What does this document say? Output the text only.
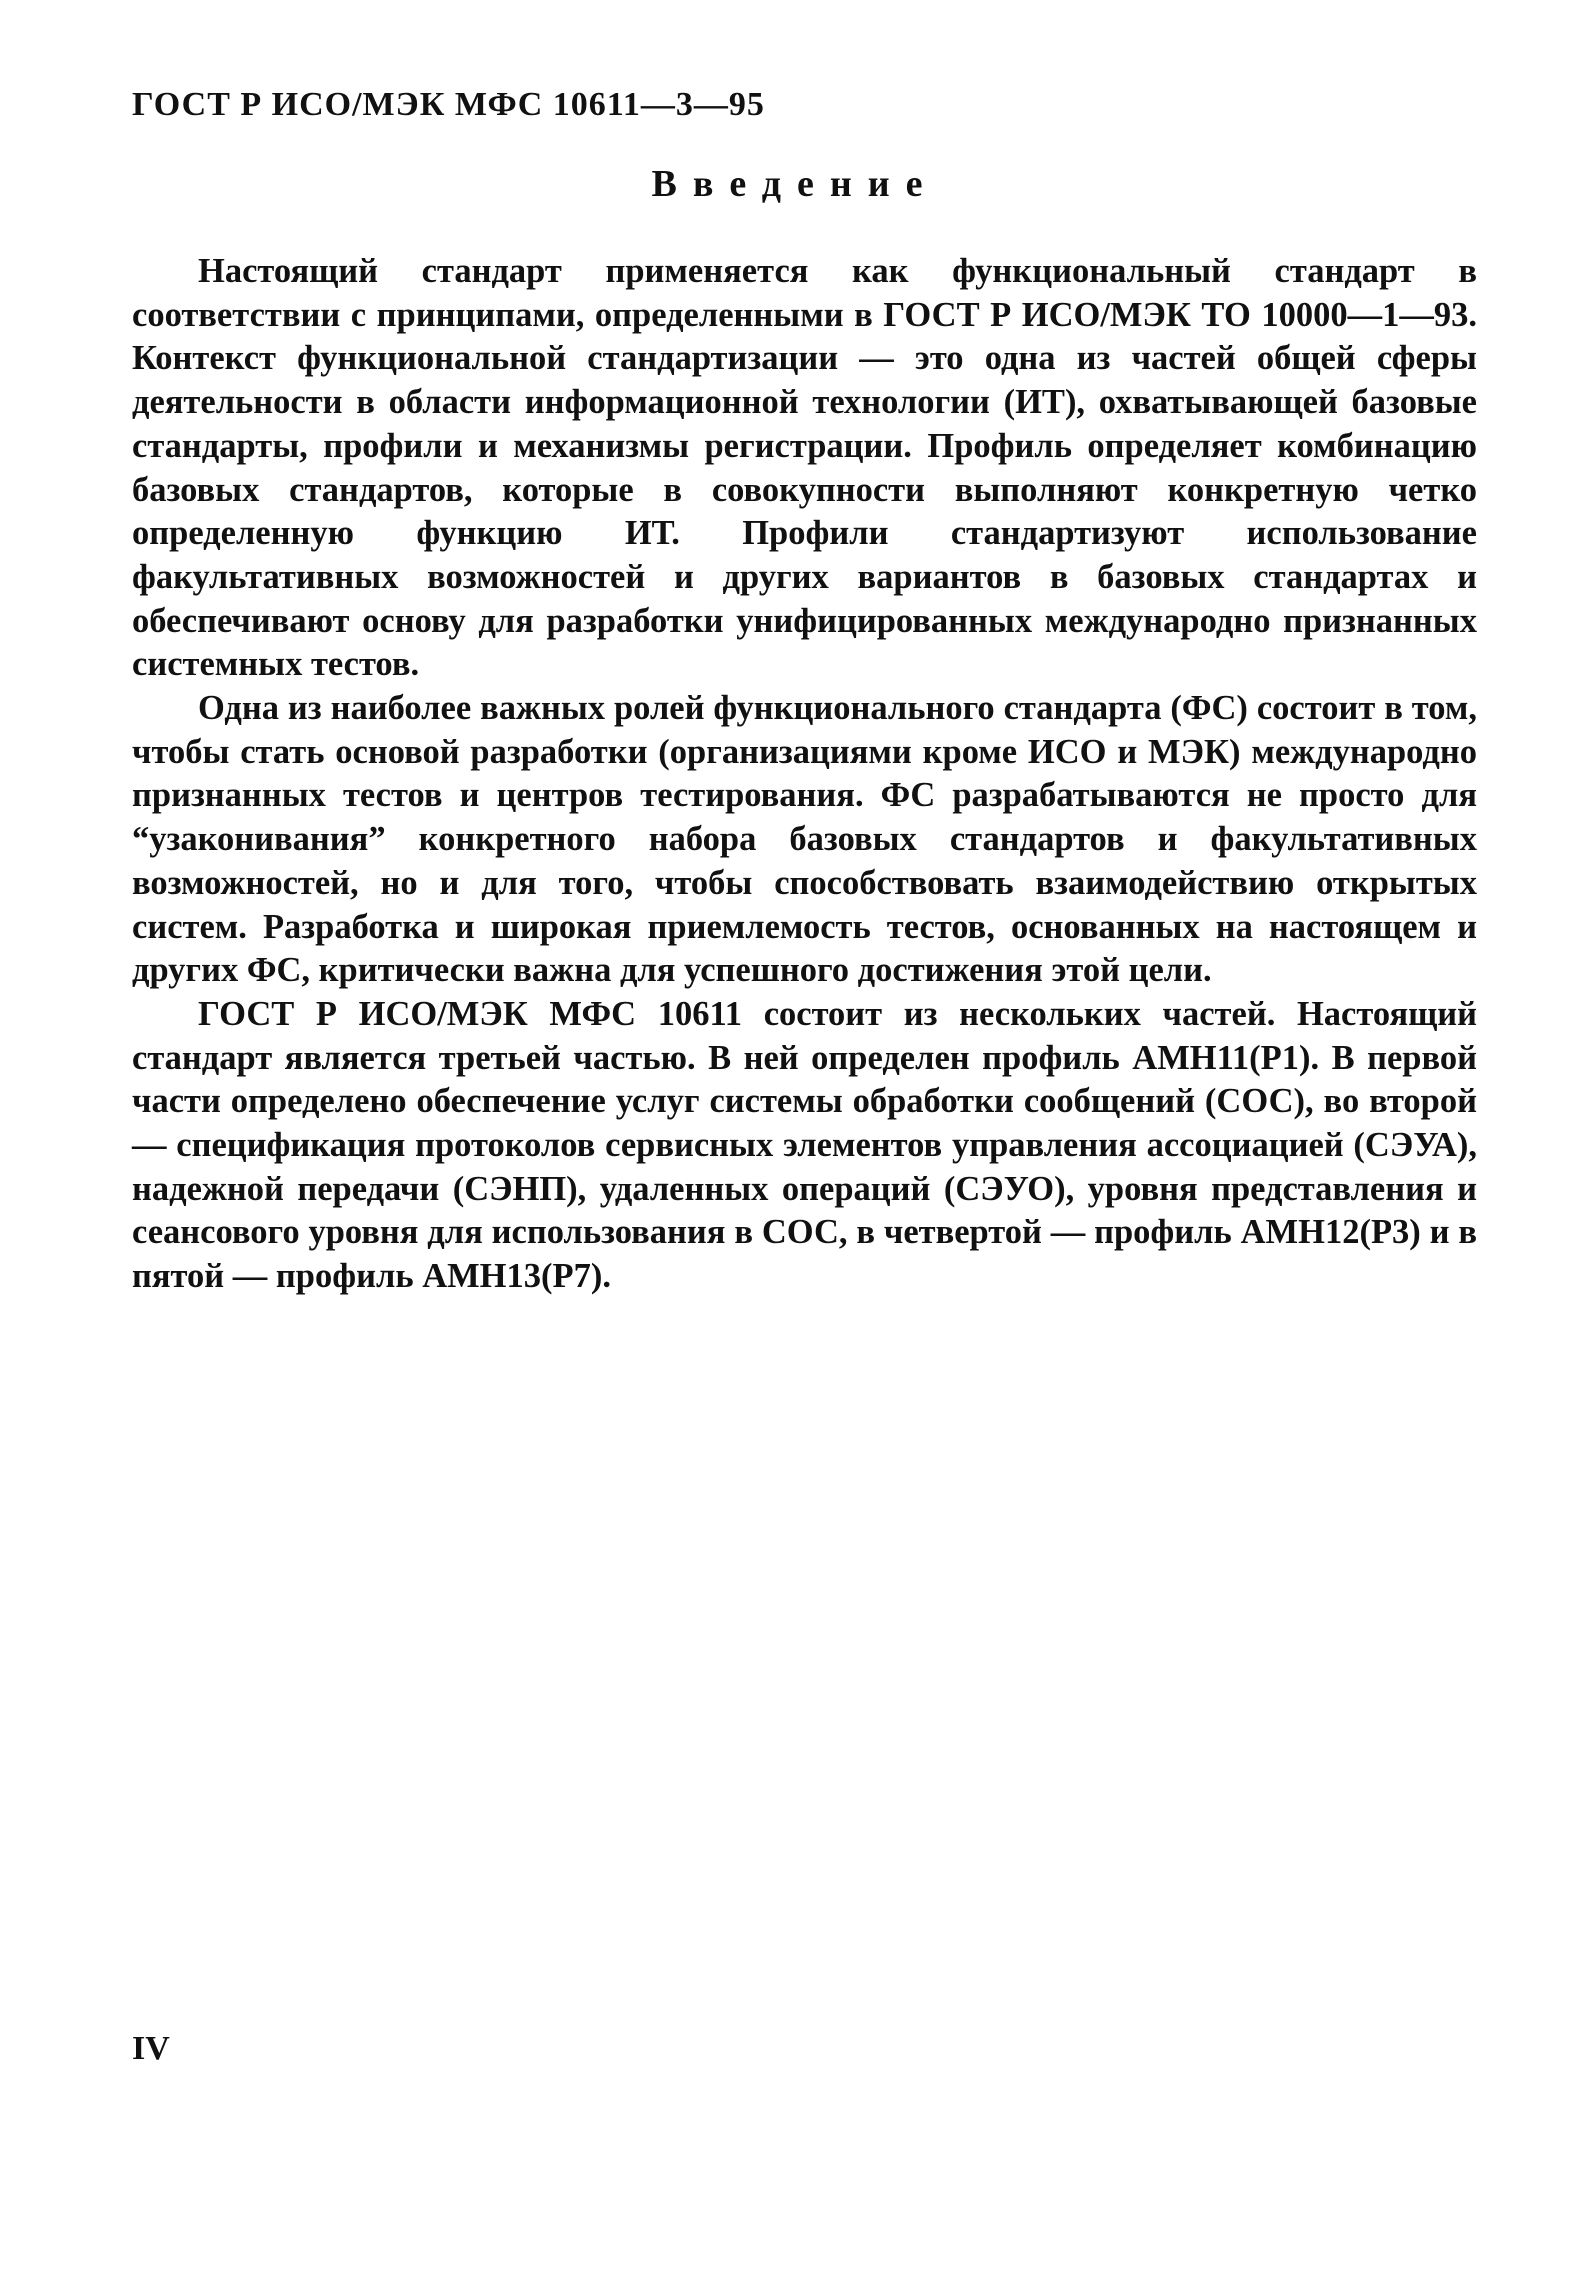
ГОСТ Р ИСО/МЭК МФС 10611—3—95
Введение

Настоящий стандарт применяется как функциональный стандарт в соответствии с принципами, определенными в ГОСТ Р ИСО/МЭК ТО 10000—1—93. Контекст функциональной стандартизации — это одна из частей общей сферы деятельности в области информационной технологии (ИТ), охватывающей базовые стандарты, профили и механизмы регистрации. Профиль определяет комбинацию базовых стандартов, которые в совокупности выполняют конкретную четко определенную функцию ИТ. Профили стандартизуют использование факультативных возможностей и других вариантов в базовых стандартах и обеспечивают основу для разработки унифицированных международно признанных системных тестов.

Одна из наиболее важных ролей функционального стандарта (ФС) состоит в том, чтобы стать основой разработки (организациями кроме ИСО и МЭК) международно признанных тестов и центров тестирования. ФС разрабатываются не просто для “узаконивания” конкретного набора базовых стандартов и факультативных возможностей, но и для того, чтобы способствовать взаимодействию открытых систем. Разработка и широкая приемлемость тестов, основанных на настоящем и других ФС, критически важна для успешного достижения этой цели.

ГОСТ Р ИСО/МЭК МФС 10611 состоит из нескольких частей. Настоящий стандарт является третьей частью. В ней определен профиль АМН11(Р1). В первой части определено обеспечение услуг системы обработки сообщений (СОС), во второй — спецификация протоколов сервисных элементов управления ассоциацией (СЭУА), надежной передачи (СЭНП), удаленных операций (СЭУО), уровня представления и сеансового уровня для использования в СОС, в четвертой — профиль АМН12(Р3) и в пятой — профиль АМН13(Р7).

IV
